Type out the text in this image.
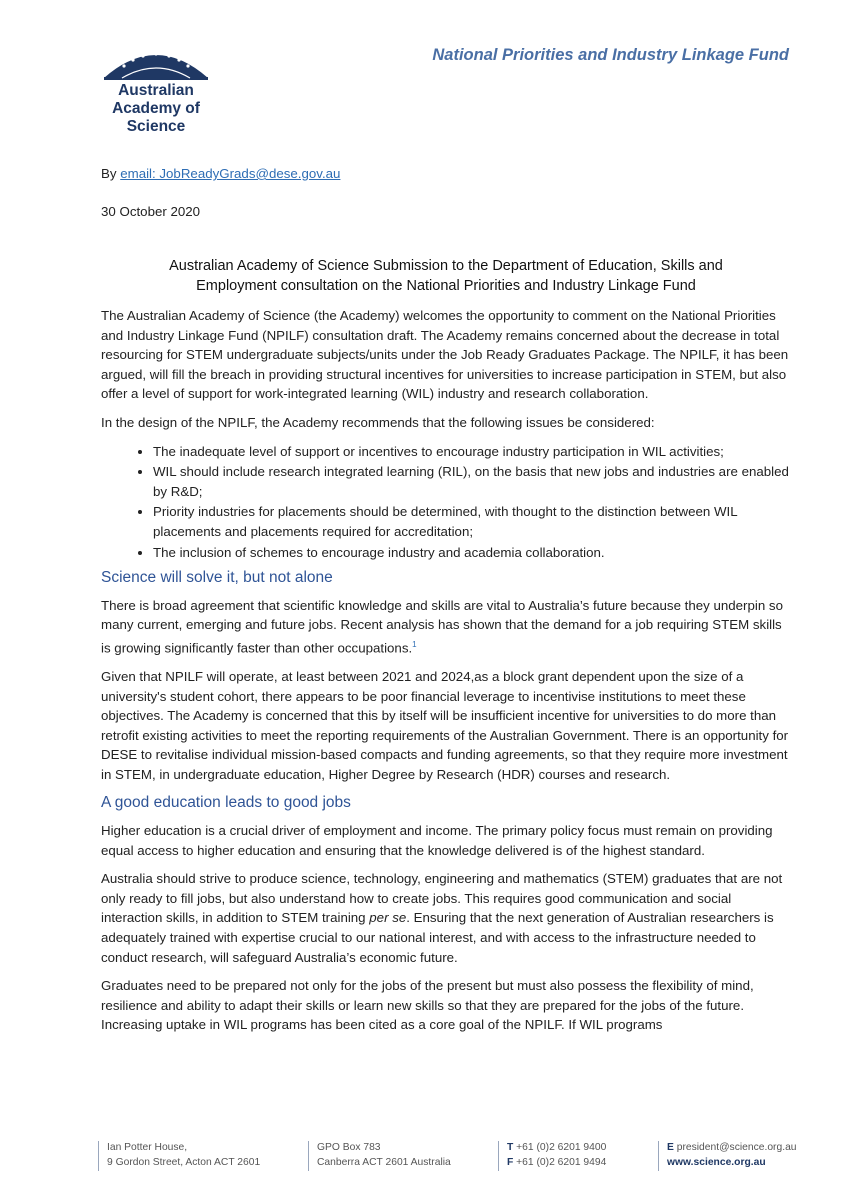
Australian
Academy of
Science
National Priorities and Industry Linkage Fund
By email: JobReadyGrads@dese.gov.au
30 October 2020
Australian Academy of Science Submission to the Department of Education, Skills and
Employment consultation on the National Priorities and Industry Linkage Fund

The Australian Academy of Science (the Academy) welcomes the opportunity to comment on the National Priorities and Industry Linkage Fund (NPILF) consultation draft. The Academy remains concerned about the decrease in total resourcing for STEM undergraduate subjects/units under the Job Ready Graduates Package. The NPILF, it has been argued, will fill the breach in providing structural incentives for universities to increase participation in STEM, but also offer a level of support for work-integrated learning (WIL) industry and research collaboration.

In the design of the NPILF, the Academy recommends that the following issues be considered:

• The inadequate level of support or incentives to encourage industry participation in WIL activities;
• WIL should include research integrated learning (RIL), on the basis that new jobs and industries are enabled by R&D;
• Priority industries for placements should be determined, with thought to the distinction between WIL placements and placements required for accreditation;
• The inclusion of schemes to encourage industry and academia collaboration.
Science will solve it, but not alone

There is broad agreement that scientific knowledge and skills are vital to Australia’s future because they underpin so many current, emerging and future jobs. Recent analysis has shown that the demand for a job requiring STEM skills is growing significantly faster than other occupations.$^1$

Given that NPILF will operate, at least between 2021 and 2024,as a block grant dependent upon the size of a university's student cohort, there appears to be poor financial leverage to incentivise institutions to meet these objectives. The Academy is concerned that this by itself will be insufficient incentive for universities to do more than retrofit existing activities to meet the reporting requirements of the Australian Government. There is an opportunity for DESE to revitalise individual mission-based compacts and funding agreements, so that they require more investment in STEM, in undergraduate education, Higher Degree by Research (HDR) courses and research.

A good education leads to good jobs

Higher education is a crucial driver of employment and income. The primary policy focus must remain on providing equal access to higher education and ensuring that the knowledge delivered is of the highest standard.

Australia should strive to produce science, technology, engineering and mathematics (STEM) graduates that are not only ready to fill jobs, but also understand how to create jobs. This requires good communication and social interaction skills, in addition to STEM training per se. Ensuring that the next generation of Australian researchers is adequately trained with expertise crucial to our national interest, and with access to the infrastructure needed to conduct research, will safeguard Australia’s economic future.

Graduates need to be prepared not only for the jobs of the present but must also possess the flexibility of mind, resilience and ability to adapt their skills or learn new skills so that they are prepared for the jobs of the future. Increasing uptake in WIL programs has been cited as a core goal of the NPILF. If WIL programs

Ian Potter House,
9 Gordon Street, Acton ACT 2601
GPO Box 783
Canberra ACT 2601 Australia
T +61 (0)2 6201 9400
F +61 (0)2 6201 9494
E president@science.org.au
www.science.org.au
